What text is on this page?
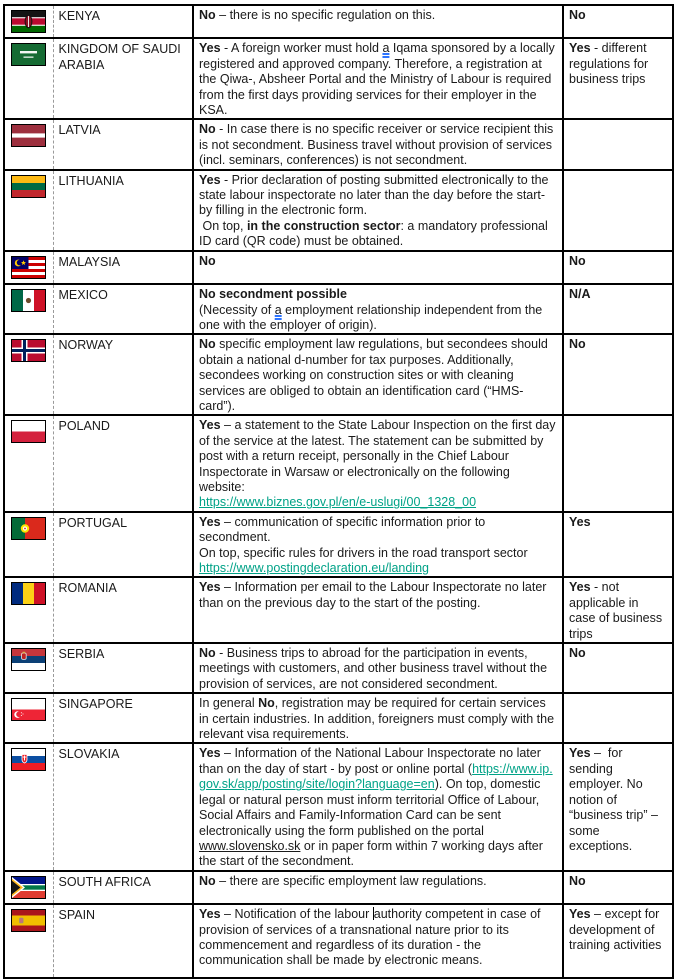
	KENYA	No – there is no specific regulation on this.	No

	KINGDOM OF SAUDI ARABIA	Yes - A foreign worker must hold a Iqama sponsored by a locally registered and approved company. Therefore, a registration at the Qiwa-, Absheer Portal and the Ministry of Labour is required from the first days providing services for their employer in the KSA.	Yes - different regulations for business trips

	LATVIA	No - In case there is no specific receiver or service recipient this is not secondment. Business travel without provision of services (incl. seminars, conferences) is not secondment.	

	LITHUANIA	Yes - Prior declaration of posting submitted electronically to the state labour inspectorate no later than the day before the start- by filling in the electronic form.

On top, in the construction sector: a mandatory professional ID card (QR code) must be obtained.	

	MALAYSIA	No	No

	MEXICO	No secondment possible

(Necessity of a employment relationship independent from the one with the employer of origin).	N/A

	NORWAY	No specific employment law regulations, but secondees should obtain a national d-number for tax purposes. Additionally, secondees working on construction sites or with cleaning services are obliged to obtain an identification card (“HMS-card”).	No

	POLAND	Yes – a statement to the State Labour Inspection on the first day of the service at the latest. The statement can be submitted by post with a return receipt, personally in the Chief Labour Inspectorate in Warsaw or electronically on the following website:

https://www.biznes.gov.pl/en/e-uslugi/00_1328_00	

	PORTUGAL	Yes – communication of specific information prior to secondment.

On top, specific rules for drivers in the road transport sector

https://www.postingdeclaration.eu/landing	Yes

	ROMANIA	Yes – Information per email to the Labour Inspectorate no later than on the previous day to the start of the posting.	Yes - not applicable in case of business trips

	SERBIA	No - Business trips to abroad for the participation in events, meetings with customers, and other business travel without the provision of services, are not considered secondment.	No

	SINGAPORE	In general No, registration may be required for certain services in certain industries. In addition, foreigners must comply with the relevant visa requirements.	

	SLOVAKIA	Yes – Information of the National Labour Inspectorate no later than on the day of start - by post or online portal (https://www.ip.gov.sk/app/posting/site/login?language=en). On top, domestic legal or natural person must inform territorial Office of Labour, Social Affairs and Family-Information Card can be sent electronically using the form published on the portal www.slovensko.sk or in paper form within 7 working days after the start of the secondment.	Yes –  for sending employer. No notion of “business trip” – some exceptions.

	SOUTH AFRICA	No – there are specific employment law regulations.	No

	SPAIN	Yes – Notification of the labour authority competent in case of provision of services of a transnational nature prior to its commencement and regardless of its duration - the communication shall be made by electronic means.	Yes – except for development of training activities
